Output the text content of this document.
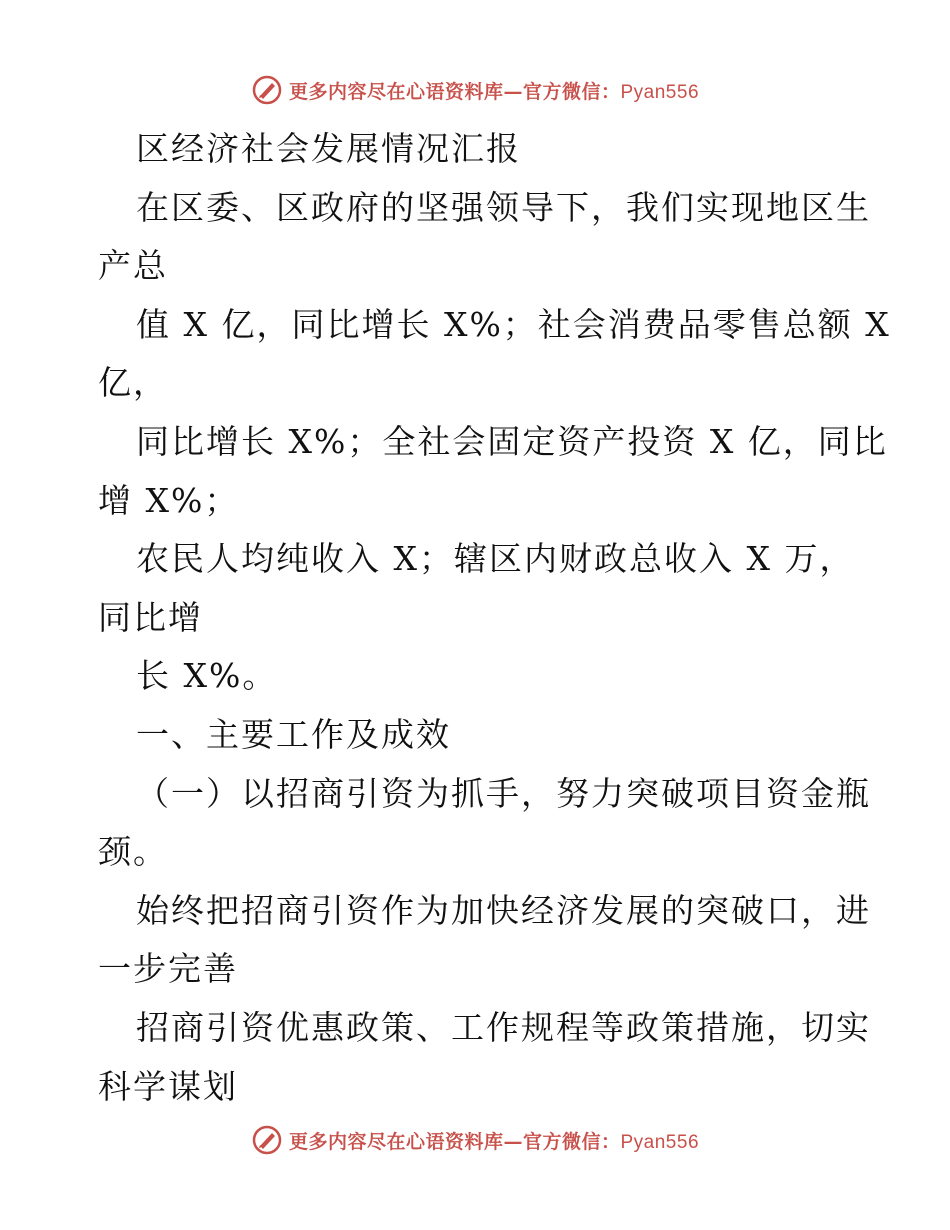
更多内容尽在心语资料库—官方微信：Pyan556
区经济社会发展情况汇报
在区委、区政府的坚强领导下，我们实现地区生
产总
值 X 亿，同比增长 X%；社会消费品零售总额 X
亿，
同比增长 X%；全社会固定资产投资 X 亿，同比
增 X%；
农民人均纯收入 X；辖区内财政总收入 X 万，
同比增
长 X%。
一、主要工作及成效
（一）以招商引资为抓手，努力突破项目资金瓶
颈。
始终把招商引资作为加快经济发展的突破口，进
一步完善
招商引资优惠政策、工作规程等政策措施，切实
科学谋划
更多内容尽在心语资料库—官方微信：Pyan556
